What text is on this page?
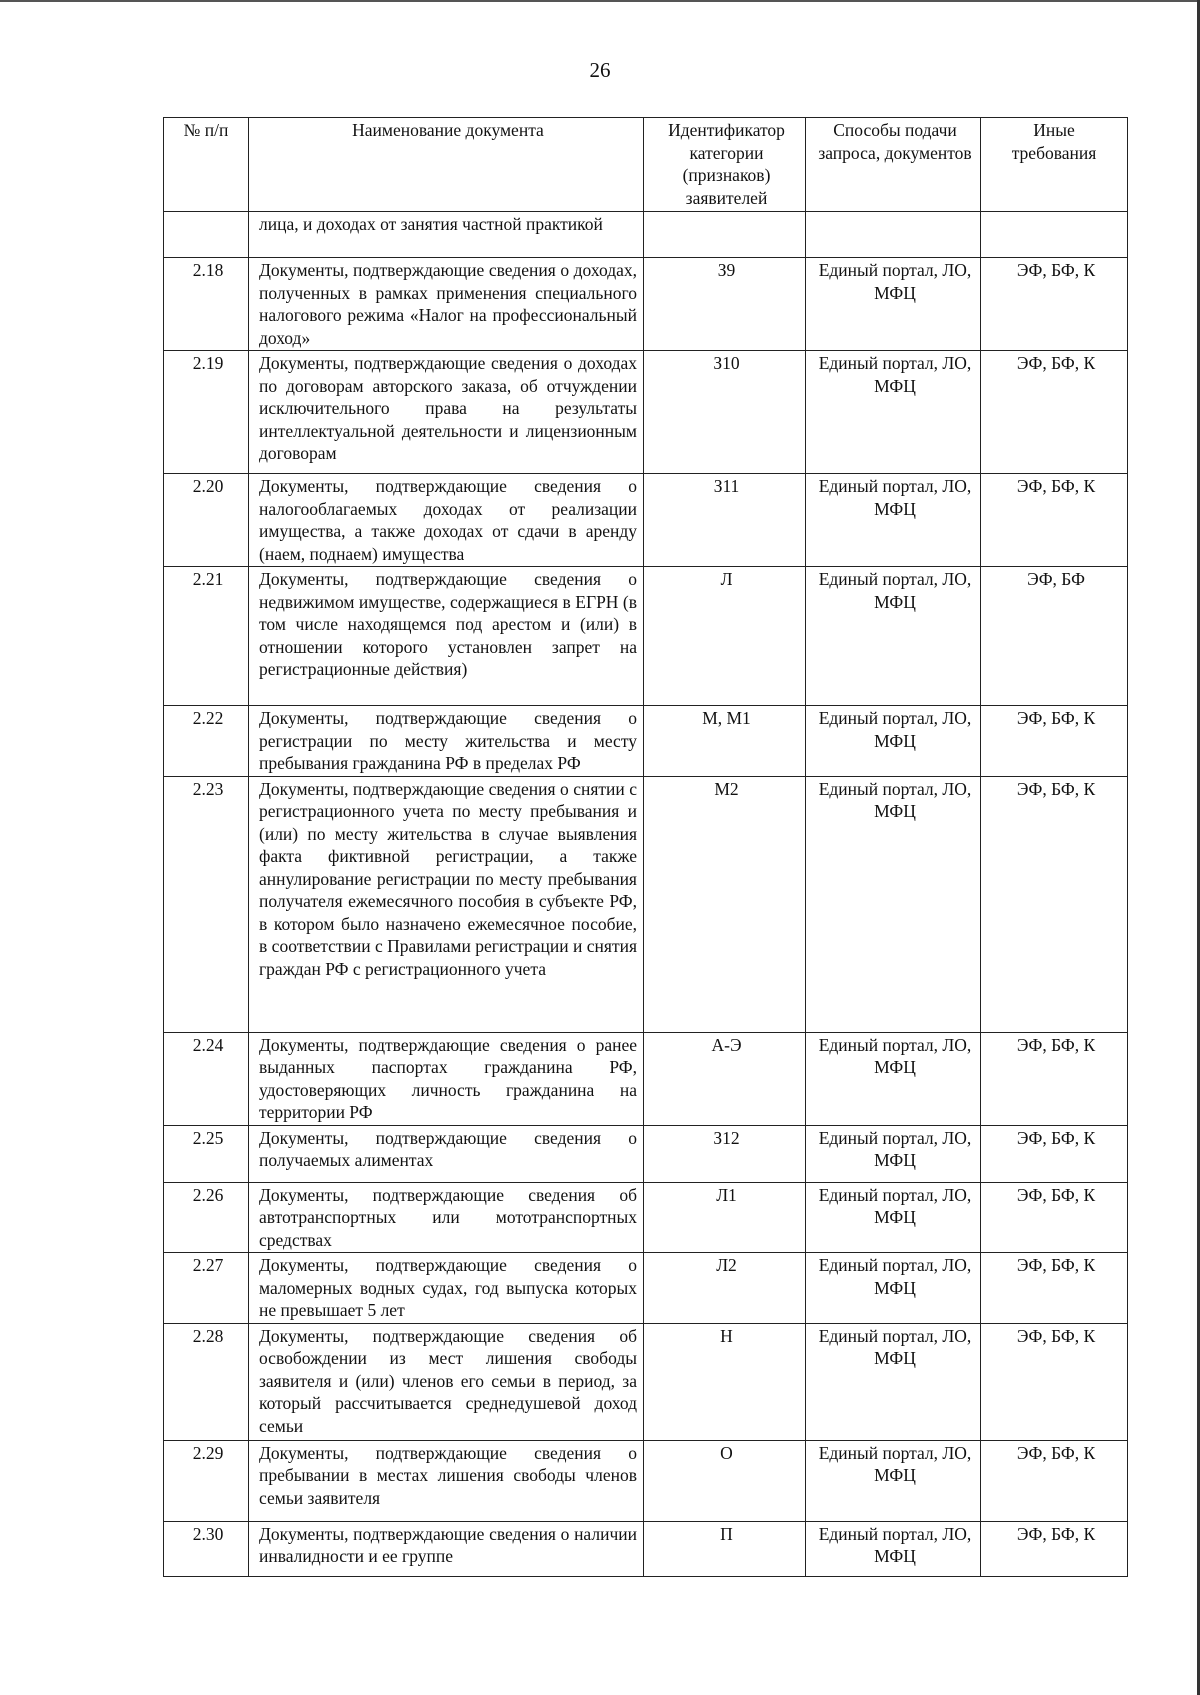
26
№ п/п	Наименование документа	Идентификатор категории (признаков) заявителей	Способы подачи запроса, документов	Иные требования
	лица, и доходах от занятия частной практикой			
2.18	Документы, подтверждающие сведения о доходах, полученных в рамках применения специального налогового режима «Налог на профессиональный доход»	З9	Единый портал, ЛО, МФЦ	ЭФ, БФ, К
2.19	Документы, подтверждающие сведения о доходах по договорам авторского заказа, об отчуждении исключительного права на результаты интеллектуальной деятельности и лицензионным договорам	З10	Единый портал, ЛО, МФЦ	ЭФ, БФ, К
2.20	Документы, подтверждающие сведения о налогооблагаемых доходах от реализации имущества, а также доходах от сдачи в аренду (наем, поднаем) имущества	З11	Единый портал, ЛО, МФЦ	ЭФ, БФ, К
2.21	Документы, подтверждающие сведения о недвижимом имуществе, содержащиеся в ЕГРН (в том числе находящемся под арестом и (или) в отношении которого установлен запрет на регистрационные действия)	Л	Единый портал, ЛО, МФЦ	ЭФ, БФ
2.22	Документы, подтверждающие сведения о регистрации по месту жительства и месту пребывания гражданина РФ в пределах РФ	М, М1	Единый портал, ЛО, МФЦ	ЭФ, БФ, К
2.23	Документы, подтверждающие сведения о снятии с регистрационного учета по месту пребывания и (или) по месту жительства в случае выявления факта фиктивной регистрации, а также аннулирование регистрации по месту пребывания получателя ежемесячного пособия в субъекте РФ, в котором было назначено ежемесячное пособие, в соответствии с Правилами регистрации и снятия граждан РФ с регистрационного учета	М2	Единый портал, ЛО, МФЦ	ЭФ, БФ, К
2.24	Документы, подтверждающие сведения о ранее выданных паспортах гражданина РФ, удостоверяющих личность гражданина на территории РФ	А-Э	Единый портал, ЛО, МФЦ	ЭФ, БФ, К
2.25	Документы, подтверждающие сведения о получаемых алиментах	З12	Единый портал, ЛО, МФЦ	ЭФ, БФ, К
2.26	Документы, подтверждающие сведения об автотранспортных или мототранспортных средствах	Л1	Единый портал, ЛО, МФЦ	ЭФ, БФ, К
2.27	Документы, подтверждающие сведения о маломерных водных судах, год выпуска которых не превышает 5 лет	Л2	Единый портал, ЛО, МФЦ	ЭФ, БФ, К
2.28	Документы, подтверждающие сведения об освобождении из мест лишения свободы заявителя и (или) членов его семьи в период, за который рассчитывается среднедушевой доход семьи	Н	Единый портал, ЛО, МФЦ	ЭФ, БФ, К
2.29	Документы, подтверждающие сведения о пребывании в местах лишения свободы членов семьи заявителя	О	Единый портал, ЛО, МФЦ	ЭФ, БФ, К
2.30	Документы, подтверждающие сведения о наличии инвалидности и ее группе	П	Единый портал, ЛО, МФЦ	ЭФ, БФ, К
